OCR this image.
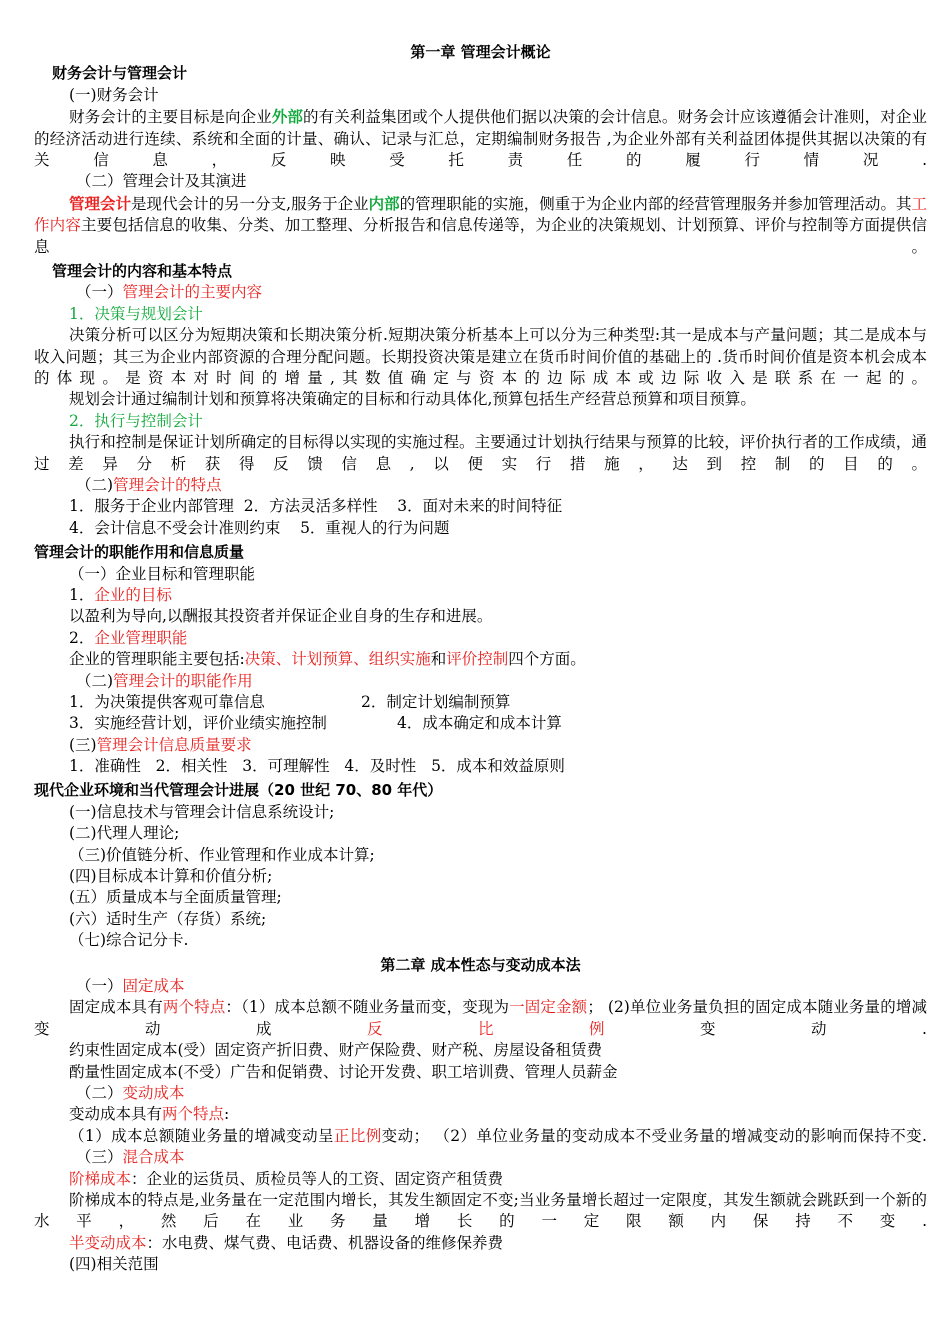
第一章 管理会计概论
财务会计与管理会计
(一)财务会计
财务会计的主要目标是向企业外部的有关利益集团或个人提供他们据以决策的会计信息。财务会计应该遵循会计准则，对企业的经济活动进行连续、系统和全面的计量、确认、记录与汇总，定期编制财务报告 ,为企业外部有关利益团体提供其据以决策的有关信息，反映受托责任的履行情况.
（二）管理会计及其演进
管理会计是现代会计的另一分支,服务于企业内部的管理职能的实施，侧重于为企业内部的经营管理服务并参加管理活动。其工作内容主要包括信息的收集、分类、加工整理、分析报告和信息传递等，为企业的决策规划、计划预算、评价与控制等方面提供信息。
管理会计的内容和基本特点
（一）管理会计的主要内容
1．决策与规划会计
决策分析可以区分为短期决策和长期决策分析.短期决策分析基本上可以分为三种类型:其一是成本与产量问题；其二是成本与收入问题；其三为企业内部资源的合理分配问题。长期投资决策是建立在货币时间价值的基础上的 .货币时间价值是资本机会成本的体现。是资本对时间的增量,其数值确定与资本的边际成本或边际收入是联系在一起的。
规划会计通过编制计划和预算将决策确定的目标和行动具体化,预算包括生产经营总预算和项目预算。
2．执行与控制会计
执行和控制是保证计划所确定的目标得以实现的实施过程。主要通过计划执行结果与预算的比较，评价执行者的工作成绩，通过差异分析获得反馈信息,以便实行措施，达到控制的目的。
（二)管理会计的特点
1．服务于企业内部管理  2．方法灵活多样性    3．面对未来的时间特征
4．会计信息不受会计准则约束    5．重视人的行为问题
管理会计的职能作用和信息质量
（一）企业目标和管理职能
1．企业的目标
以盈利为导向,以酬报其投资者并保证企业自身的生存和进展。
2．企业管理职能
企业的管理职能主要包括:决策、计划预算、组织实施和评价控制四个方面。
（二)管理会计的职能作用
1．为决策提供客观可靠信息	2．制定计划编制预算
3．实施经营计划，评价业绩实施控制	4．成本确定和成本计算
(三)管理会计信息质量要求
1．准确性   2．相关性   3．可理解性   4．及时性   5．成本和效益原则
现代企业环境和当代管理会计进展（20 世纪 70、80 年代）
(一)信息技术与管理会计信息系统设计;
(二)代理人理论;
（三)价值链分析、作业管理和作业成本计算;
(四)目标成本计算和价值分析;
(五）质量成本与全面质量管理;
(六）适时生产（存货）系统;
（七)综合记分卡.
第二章 成本性态与变动成本法
（一）固定成本
固定成本具有两个特点：（1）成本总额不随业务量而变，变现为一固定金额； (2)单位业务量负担的固定成本随业务量的增减变动成反比例变动.
约束性固定成本(受）固定资产折旧费、财产保险费、财产税、房屋设备租赁费
酌量性固定成本(不受）广告和促销费、讨论开发费、职工培训费、管理人员薪金
（二）变动成本
变动成本具有两个特点:
（1）成本总额随业务量的增减变动呈正比例变动； （2）单位业务量的变动成本不受业务量的增减变动的影响而保持不变.
（三）混合成本
阶梯成本：企业的运货员、质检员等人的工资、固定资产租赁费
阶梯成本的特点是,业务量在一定范围内增长，其发生额固定不变;当业务量增长超过一定限度，其发生额就会跳跃到一个新的水平，然后在业务量增长的一定限额内保持不变.
半变动成本：水电费、煤气费、电话费、机器设备的维修保养费
(四)相关范围
